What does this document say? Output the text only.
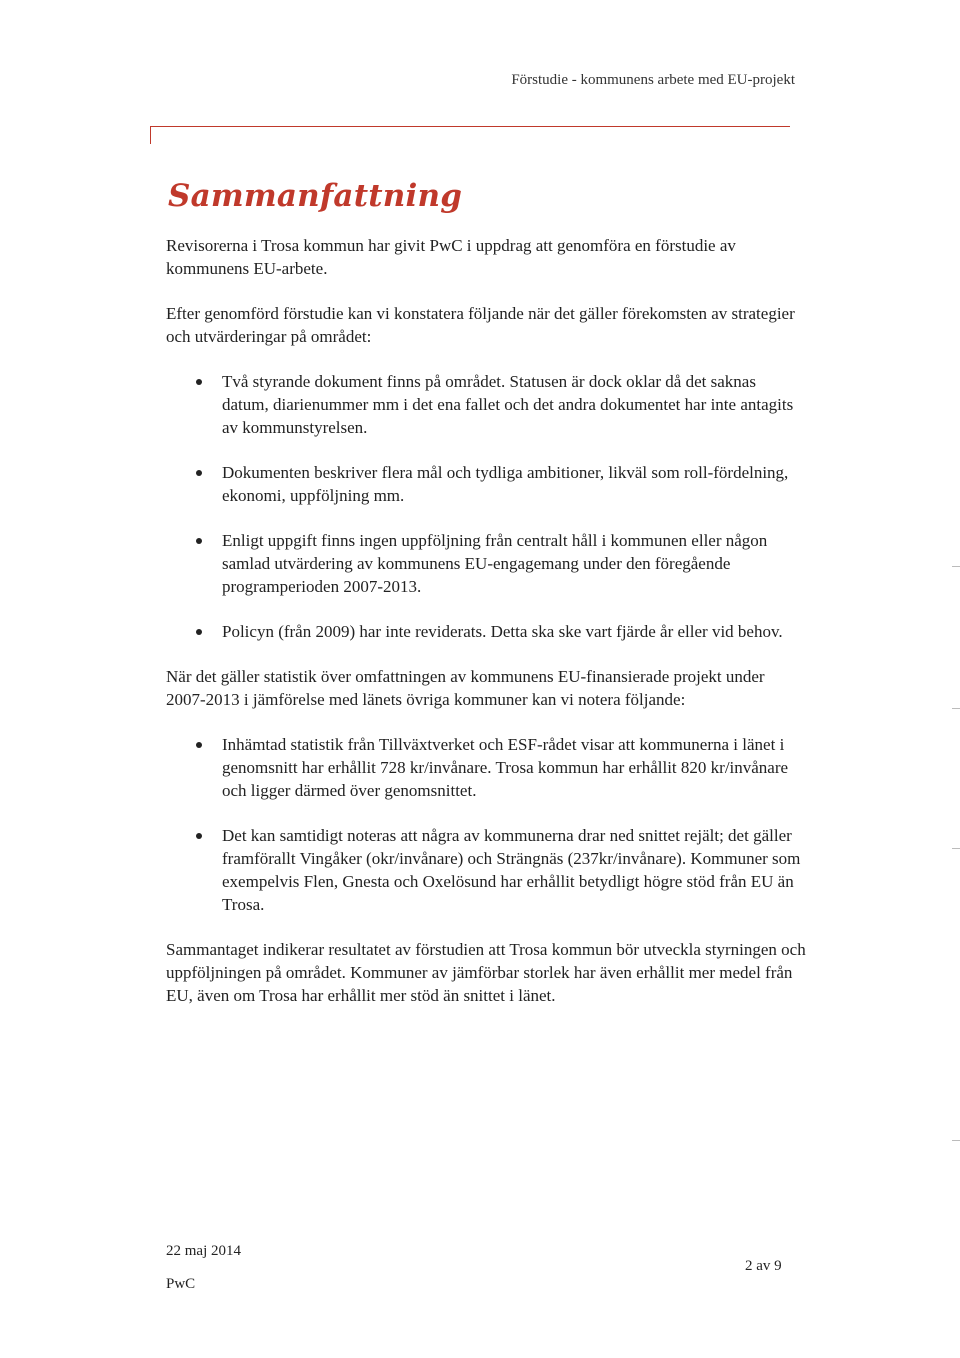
Förstudie - kommunens arbete med EU-projekt
Sammanfattning

Revisorerna i Trosa kommun har givit PwC i uppdrag att genomföra en förstudie av kommunens EU-arbete.

Efter genomförd förstudie kan vi konstatera följande när det gäller förekomsten av strategier och utvärderingar på området:

Två styrande dokument finns på området. Statusen är dock oklar då det saknas datum, diarienummer mm i det ena fallet och det andra dokumentet har inte antagits av kommunstyrelsen.
Dokumenten beskriver flera mål och tydliga ambitioner, likväl som roll-fördelning, ekonomi, uppföljning mm.
Enligt uppgift finns ingen uppföljning från centralt håll i kommunen eller någon samlad utvärdering av kommunens EU-engagemang under den föregående programperioden 2007-2013.
Policyn (från 2009) har inte reviderats. Detta ska ske vart fjärde år eller vid behov.

När det gäller statistik över omfattningen av kommunens EU-finansierade projekt under 2007-2013 i jämförelse med länets övriga kommuner kan vi notera följande:

Inhämtad statistik från Tillväxtverket och ESF-rådet visar att kommunerna i länet i genomsnitt har erhållit 728 kr/invånare. Trosa kommun har erhållit 820 kr/invånare och ligger därmed över genomsnittet.
Det kan samtidigt noteras att några av kommunerna drar ned snittet rejält; det gäller framförallt Vingåker (okr/invånare) och Strängnäs (237kr/invånare). Kommuner som exempelvis Flen, Gnesta och Oxelösund har erhållit betydligt högre stöd från EU än Trosa.

Sammantaget indikerar resultatet av förstudien att Trosa kommun bör utveckla styrningen och uppföljningen på området. Kommuner av jämförbar storlek har även erhållit mer medel från EU, även om Trosa har erhållit mer stöd än snittet i länet.

22 maj 2014
PwC
2 av 9
